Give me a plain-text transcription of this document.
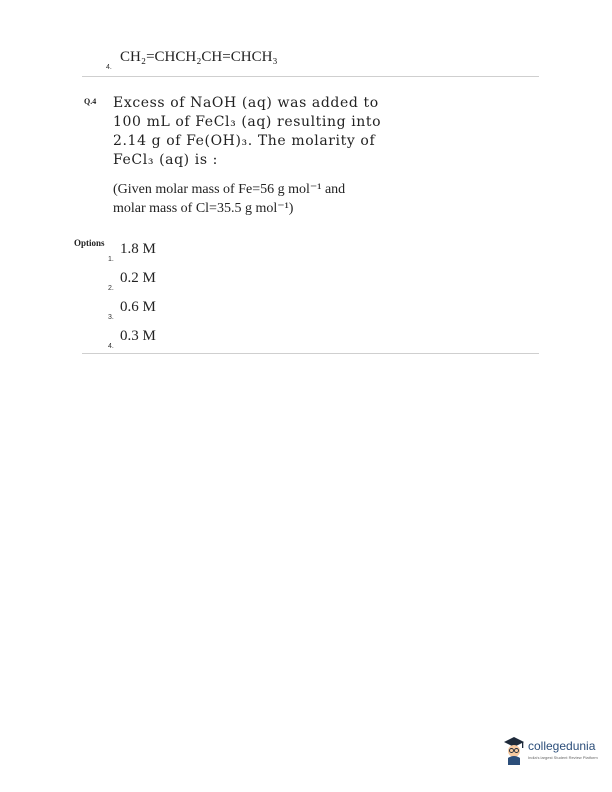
4.
CH₂=CHCH₂CH=CHCH₃
Q.4 Excess of NaOH (aq) was added to
100 mL of FeCl₃ (aq) resulting into
2.14 g of Fe(OH)₃. The molarity of
FeCl₃ (aq) is :
(Given molar mass of Fe=56 g mol⁻¹ and
molar mass of Cl=35.5 g mol⁻¹)
Options
1.
1.8 M
2.
0.2 M
3.
0.6 M
4.
0.3 M
collegedunia
India's largest Student Review Platform
